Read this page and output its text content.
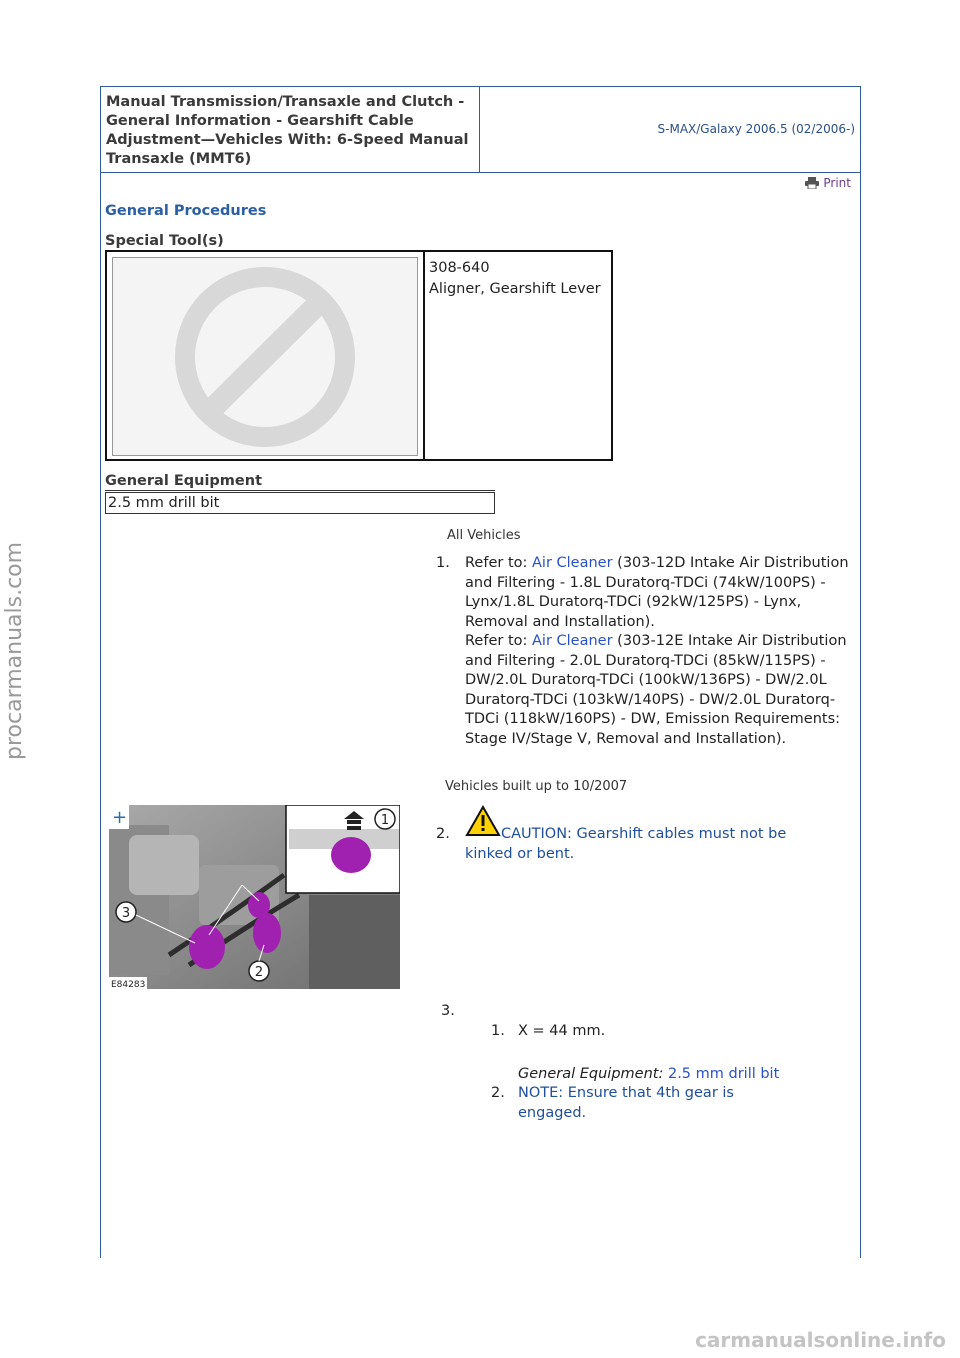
Manual Transmission/Transaxle and Clutch - General Information - Gearshift Cable Adjustment—Vehicles With: 6-Speed Manual Transaxle (MMT6)
S-MAX/Galaxy 2006.5 (02/2006-)
Print
General Procedures
Special Tool(s)
308-640
Aligner, Gearshift Lever
General Equipment
2.5 mm drill bit
All Vehicles
1. Refer to: Air Cleaner (303-12D Intake Air Distribution and Filtering - 1.8L Duratorq-TDCi (74kW/100PS) - Lynx/1.8L Duratorq-TDCi (92kW/125PS) - Lynx, Removal and Installation).
Refer to: Air Cleaner (303-12E Intake Air Distribution and Filtering - 2.0L Duratorq-TDCi (85kW/115PS) - DW/2.0L Duratorq-TDCi (100kW/136PS) - DW/2.0L Duratorq-TDCi (103kW/140PS) - DW/2.0L Duratorq-TDCi (118kW/160PS) - DW, Emission Requirements: Stage IV/Stage V, Removal and Installation).
Vehicles built up to 10/2007
+	1
3
2
E84283
2.	CAUTION: Gearshift cables must not be kinked or bent.
3.
1. X = 44 mm.
General Equipment: 2.5 mm drill bit
2. NOTE: Ensure that 4th gear is engaged.
procarmanuals.com
carmanualsonline.info
